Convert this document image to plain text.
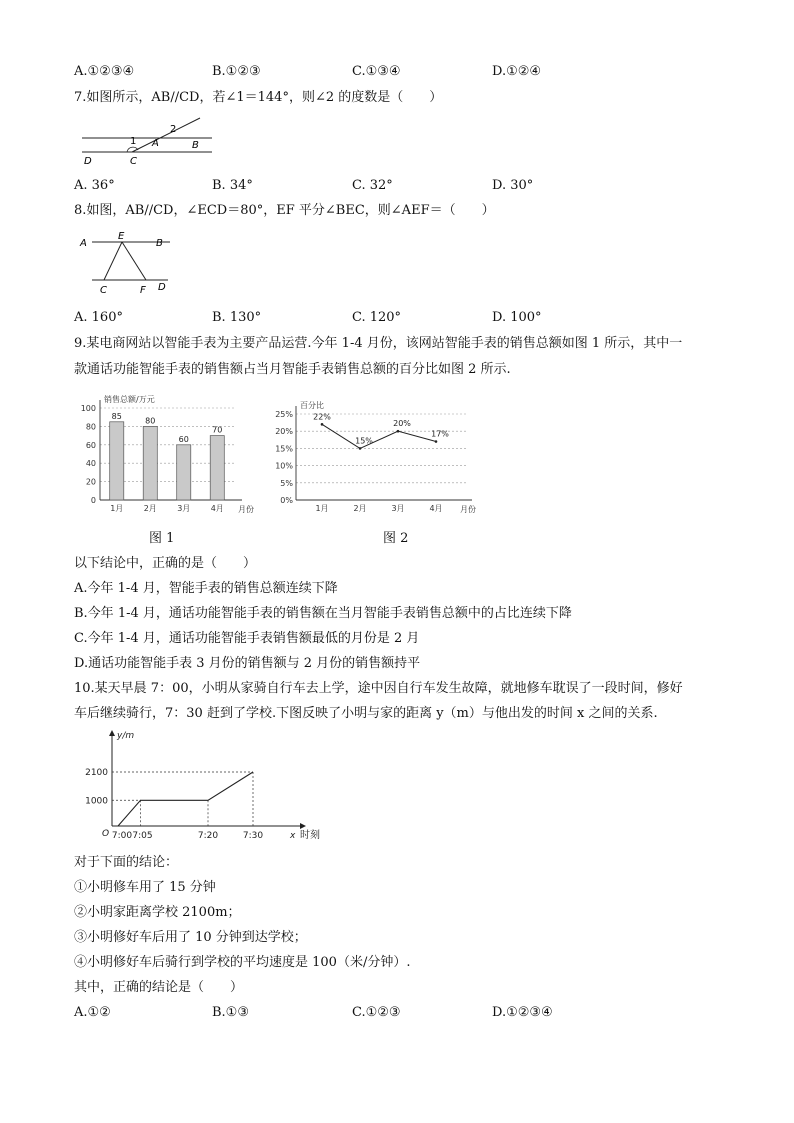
A.①②③④	B.①②③	C.①③④	D.①②④
7.如图所示，AB//CD，若∠1＝144°，则∠2 的度数是（　　）
1
2
A	B
C
D
A. 36°	B. 34°	C. 32°	D. 30°
8.如图，AB//CD，∠ECD＝80°，EF 平分∠BEC，则∠AEF＝（　　）
A
E
B
C	F D
A. 160°	B. 130°	C. 120°	D. 100°
9.某电商网站以智能手表为主要产品运营.今年 1-4 月份，该网站智能手表的销售总额如图 1 所示，其中一
款通话功能智能手表的销售额占当月智能手表销售总额的百分比如图 2 所示.
0
20
40
60
80
100
销售总额/万元
85
1月
80
2月
60
3月
70
4月 月份
0%
5%
10%
15%
20%
25%
百分比
22%
1月
15%
2月
20%
3月
17%
4月 月份
图 1	图 2
以下结论中，正确的是（　　）
A.今年 1-4 月，智能手表的销售总额连续下降
B.今年 1-4 月，通话功能智能手表的销售额在当月智能手表销售总额中的占比连续下降
C.今年 1-4 月，通话功能智能手表销售额最低的月份是 2 月
D.通话功能智能手表 3 月份的销售额与 2 月份的销售额持平
10.某天早晨 7：00，小明从家骑自行车去上学，途中因自行车发生故障，就地修车耽误了一段时间，修好
车后继续骑行，7：30 赶到了学校.下图反映了小明与家的距离 y（m）与他出发的时间 x 之间的关系.
y/m
O
1000
2100
7:00 7:05	7:20	7:30	x 时刻
对于下面的结论：
①小明修车用了 15 分钟
②小明家距离学校 2100m；
③小明修好车后用了 10 分钟到达学校；
④小明修好车后骑行到学校的平均速度是 100（米/分钟）.
其中，正确的结论是（　　）
A.①②	B.①③	C.①②③	D.①②③④
